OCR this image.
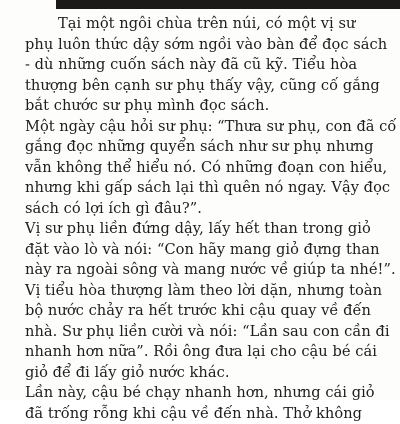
Tại một ngôi chùa trên núi, có một vị sư
phụ luôn thức dậy sớm ngồi vào bàn để đọc sách
- dù những cuốn sách này đã cũ kỹ. Tiểu hòa
thượng bên cạnh sư phụ thấy vậy, cũng cố gắng
bắt chước sư phụ mình đọc sách.
Một ngày cậu hỏi sư phụ: “Thưa sư phụ, con đã cố
gắng đọc những quyển sách như sư phụ nhưng
vẫn không thể hiểu nó. Có những đoạn con hiểu,
nhưng khi gấp sách lại thì quên nó ngay. Vậy đọc
sách có lợi ích gì đâu?”.
Vị sư phụ liền đứng dậy, lấy hết than trong giỏ
đặt vào lò và nói: “Con hãy mang giỏ đựng than
này ra ngoài sông và mang nước về giúp ta nhé!”.
Vị tiểu hòa thượng làm theo lời dặn, nhưng toàn
bộ nước chảy ra hết trước khi cậu quay về đến
nhà. Sư phụ liền cười và nói: “Lần sau con cần đi
nhanh hơn nữa”. Rồi ông đưa lại cho cậu bé cái
giỏ để đi lấy giỏ nước khác.
Lần này, cậu bé chạy nhanh hơn, nhưng cái giỏ
đã trống rỗng khi cậu về đến nhà. Thở không
